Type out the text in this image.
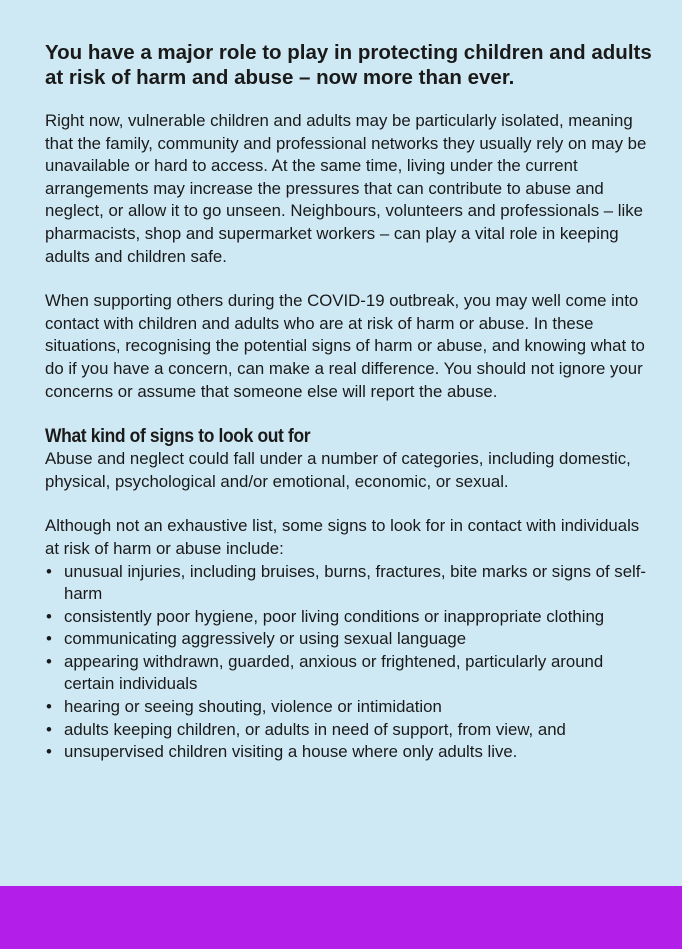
You have a major role to play in protecting children and adults at risk of harm and abuse – now more than ever.

Right now, vulnerable children and adults may be particularly isolated, meaning that the family, community and professional networks they usually rely on may be unavailable or hard to access. At the same time, living under the current arrangements may increase the pressures that can contribute to abuse and neglect, or allow it to go unseen. Neighbours, volunteers and professionals – like pharmacists, shop and supermarket workers – can play a vital role in keeping adults and children safe.

When supporting others during the COVID-19 outbreak, you may well come into contact with children and adults who are at risk of harm or abuse. In these situations, recognising the potential signs of harm or abuse, and knowing what to do if you have a concern, can make a real difference. You should not ignore your concerns or assume that someone else will report the abuse.

What kind of signs to look out for

Abuse and neglect could fall under a number of categories, including domestic, physical, psychological and/or emotional, economic, or sexual.

Although not an exhaustive list, some signs to look for in contact with individuals at risk of harm or abuse include:

• unusual injuries, including bruises, burns, fractures, bite marks or signs of self-harm
• consistently poor hygiene, poor living conditions or inappropriate clothing
• communicating aggressively or using sexual language
• appearing withdrawn, guarded, anxious or frightened, particularly around certain individuals
• hearing or seeing shouting, violence or intimidation
• adults keeping children, or adults in need of support, from view, and
• unsupervised children visiting a house where only adults live.
